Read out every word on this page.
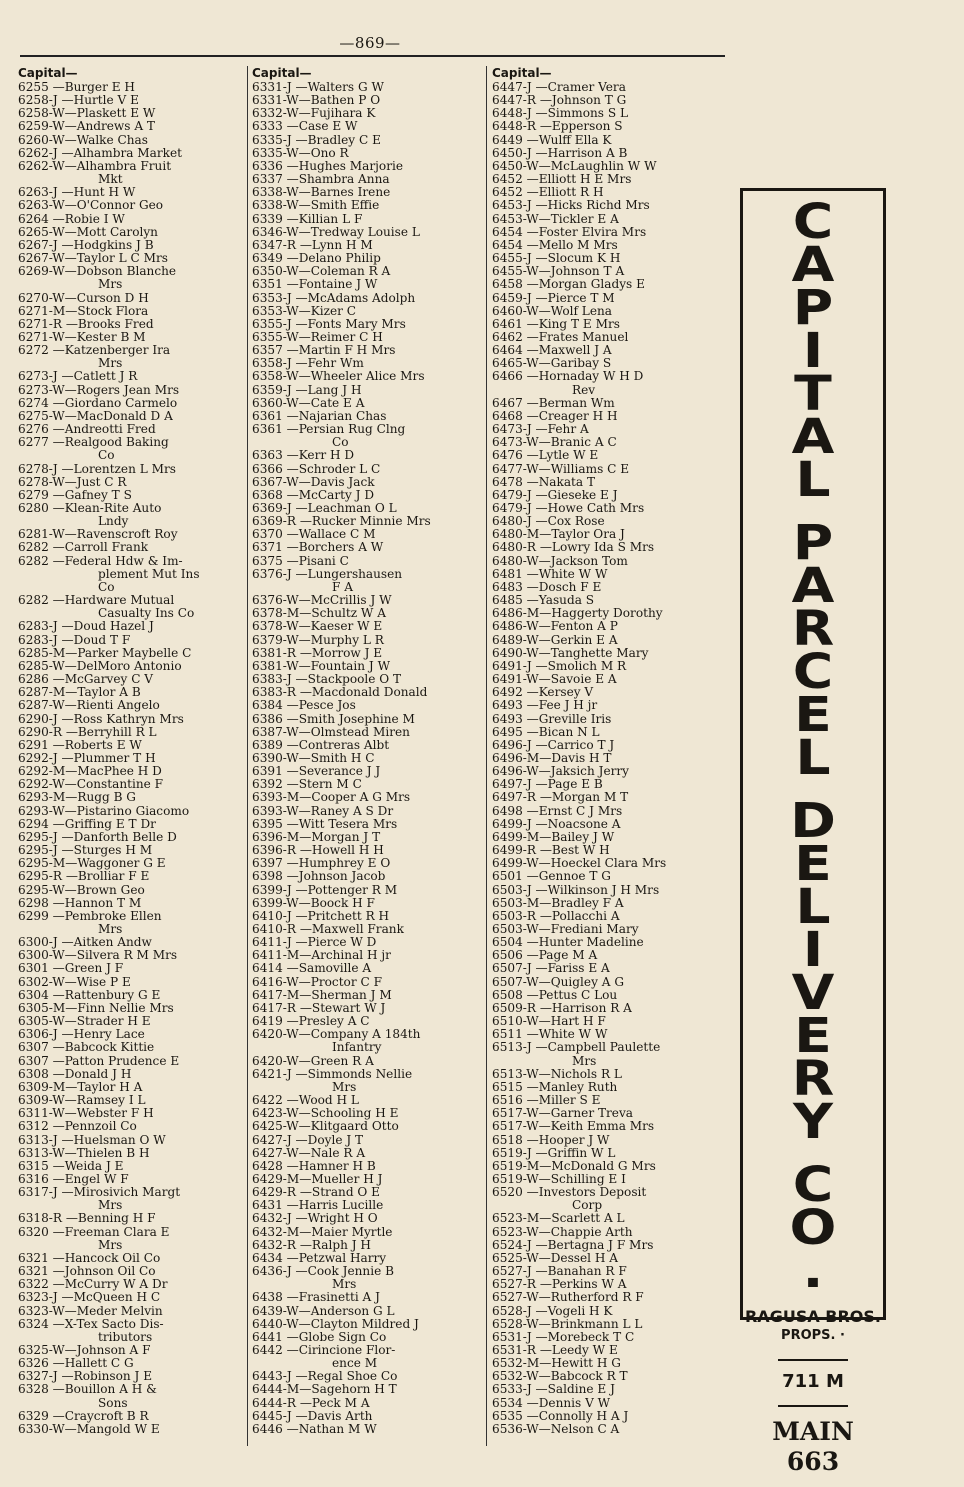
—869—
Capital—
6255 —Burger E H
6258-J —Hurtle V E
6258-W—Plaskett E W
6259-W—Andrews A T
6260-W—Walke Chas
6262-J —Alhambra Market
6262-W—Alhambra Fruit
Mkt
6263-J —Hunt H W
6263-W—O'Connor Geo
6264 —Robie I W
6265-W—Mott Carolyn
6267-J —Hodgkins J B
6267-W—Taylor L C Mrs
6269-W—Dobson Blanche
Mrs
6270-W—Curson D H
6271-M—Stock Flora
6271-R —Brooks Fred
6271-W—Kester B M
6272 —Katzenberger Ira
Mrs
6273-J —Catlett J R
6273-W—Rogers Jean Mrs
6274 —Giordano Carmelo
6275-W—MacDonald D A
6276 —Andreotti Fred
6277 —Realgood Baking
Co
6278-J —Lorentzen L Mrs
6278-W—Just C R
6279 —Gafney T S
6280 —Klean-Rite Auto
Lndy
6281-W—Ravenscroft Roy
6282 —Carroll Frank
6282 —Federal Hdw & Im-
plement Mut Ins
Co
6282 —Hardware Mutual
Casualty Ins Co
6283-J —Doud Hazel J
6283-J —Doud T F
6285-M—Parker Maybelle C
6285-W—DelMoro Antonio
6286 —McGarvey C V
6287-M—Taylor A B
6287-W—Rienti Angelo
6290-J —Ross Kathryn Mrs
6290-R —Berryhill R L
6291 —Roberts E W
6292-J —Plummer T H
6292-M—MacPhee H D
6292-W—Constantine F
6293-M—Rugg B G
6293-W—Pistarino Giacomo
6294 —Griffing E T Dr
6295-J —Danforth Belle D
6295-J —Sturges H M
6295-M—Waggoner G E
6295-R —Brolliar F E
6295-W—Brown Geo
6298 —Hannon T M
6299 —Pembroke Ellen
Mrs
6300-J —Aitken Andw
6300-W—Silvera R M Mrs
6301 —Green J F
6302-W—Wise P E
6304 —Rattenbury G E
6305-M—Finn Nellie Mrs
6305-W—Strader H E
6306-J —Henry Lace
6307 —Babcock Kittie
6307 —Patton Prudence E
6308 —Donald J H
6309-M—Taylor H A
6309-W—Ramsey I L
6311-W—Webster F H
6312 —Pennzoil Co
6313-J —Huelsman O W
6313-W—Thielen B H
6315 —Weida J E
6316 —Engel W F
6317-J —Mirosivich Margt
Mrs
6318-R —Benning H F
6320 —Freeman Clara E
Mrs
6321 —Hancock Oil Co
6321 —Johnson Oil Co
6322 —McCurry W A Dr
6323-J —McQueen H C
6323-W—Meder Melvin
6324 —X-Tex Sacto Dis-
tributors
6325-W—Johnson A F
6326 —Hallett C G
6327-J —Robinson J E
6328 —Bouillon A H &
Sons
6329 —Craycroft B R
6330-W—Mangold W E
Capital—
6331-J —Walters G W
6331-W—Bathen P O
6332-W—Fujihara K
6333 —Case E W
6335-J —Bradley C E
6335-W—Ono R
6336 —Hughes Marjorie
6337 —Shambra Anna
6338-W—Barnes Irene
6338-W—Smith Effie
6339 —Killian L F
6346-W—Tredway Louise L
6347-R —Lynn H M
6349 —Delano Philip
6350-W—Coleman R A
6351 —Fontaine J W
6353-J —McAdams Adolph
6353-W—Kizer C
6355-J —Fonts Mary Mrs
6355-W—Reimer C H
6357 —Martin F H Mrs
6358-J —Fehr Wm
6358-W—Wheeler Alice Mrs
6359-J —Lang J H
6360-W—Cate E A
6361 —Najarian Chas
6361 —Persian Rug Clng
Co
6363 —Kerr H D
6366 —Schroder L C
6367-W—Davis Jack
6368 —McCarty J D
6369-J —Leachman O L
6369-R —Rucker Minnie Mrs
6370 —Wallace C M
6371 —Borchers A W
6375 —Pisani C
6376-J —Lungershausen
F A
6376-W—McCrillis J W
6378-M—Schultz W A
6378-W—Kaeser W E
6379-W—Murphy L R
6381-R —Morrow J E
6381-W—Fountain J W
6383-J —Stackpoole O T
6383-R —Macdonald Donald
6384 —Pesce Jos
6386 —Smith Josephine M
6387-W—Olmstead Miren
6389 —Contreras Albt
6390-W—Smith H C
6391 —Severance J J
6392 —Stern M C
6393-M—Cooper A G Mrs
6393-W—Raney A S Dr
6395 —Witt Tesera Mrs
6396-M—Morgan J T
6396-R —Howell H H
6397 —Humphrey E O
6398 —Johnson Jacob
6399-J —Pottenger R M
6399-W—Boock H F
6410-J —Pritchett R H
6410-R —Maxwell Frank
6411-J —Pierce W D
6411-M—Archinal H jr
6414 —Samoville A
6416-W—Proctor C F
6417-M—Sherman J M
6417-R —Stewart W J
6419 —Presley A C
6420-W—Company A 184th
Infantry
6420-W—Green R A
6421-J —Simmonds Nellie
Mrs
6422 —Wood H L
6423-W—Schooling H E
6425-W—Klitgaard Otto
6427-J —Doyle J T
6427-W—Nale R A
6428 —Hamner H B
6429-M—Mueller H J
6429-R —Strand O E
6431 —Harris Lucille
6432-J —Wright H O
6432-M—Maier Myrtle
6432-R —Ralph J H
6434 —Petzwal Harry
6436-J —Cook Jennie B
Mrs
6438 —Frasinetti A J
6439-W—Anderson G L
6440-W—Clayton Mildred J
6441 —Globe Sign Co
6442 —Cirincione Flor-
ence M
6443-J —Regal Shoe Co
6444-M—Sagehorn H T
6444-R —Peck M A
6445-J —Davis Arth
6446 —Nathan M W
Capital—
6447-J —Cramer Vera
6447-R —Johnson T G
6448-J —Simmons S L
6448-R —Epperson S
6449 —Wulff Ella K
6450-J —Harrison A B
6450-W—McLaughlin W W
6452 —Elliott H E Mrs
6452 —Elliott R H
6453-J —Hicks Richd Mrs
6453-W—Tickler E A
6454 —Foster Elvira Mrs
6454 —Mello M Mrs
6455-J —Slocum K H
6455-W—Johnson T A
6458 —Morgan Gladys E
6459-J —Pierce T M
6460-W—Wolf Lena
6461 —King T E Mrs
6462 —Frates Manuel
6464 —Maxwell J A
6465-W—Garibay S
6466 —Hornaday W H D
Rev
6467 —Berman Wm
6468 —Creager H H
6473-J —Fehr A
6473-W—Branic A C
6476 —Lytle W E
6477-W—Williams C E
6478 —Nakata T
6479-J —Gieseke E J
6479-J —Howe Cath Mrs
6480-J —Cox Rose
6480-M—Taylor Ora J
6480-R —Lowry Ida S Mrs
6480-W—Jackson Tom
6481 —White W W
6483 —Dosch F E
6485 —Yasuda S
6486-M—Haggerty Dorothy
6486-W—Fenton A P
6489-W—Gerkin E A
6490-W—Tanghette Mary
6491-J —Smolich M R
6491-W—Savoie E A
6492 —Kersey V
6493 —Fee J H jr
6493 —Greville Iris
6495 —Bican N L
6496-J —Carrico T J
6496-M—Davis H T
6496-W—Jaksich Jerry
6497-J —Page E B
6497-R —Morgan M T
6498 —Ernst C J Mrs
6499-J —Noacsone A
6499-M—Bailey J W
6499-R —Best W H
6499-W—Hoeckel Clara Mrs
6501 —Gennoe T G
6503-J —Wilkinson J H Mrs
6503-M—Bradley F A
6503-R —Pollacchi A
6503-W—Frediani Mary
6504 —Hunter Madeline
6506 —Page M A
6507-J —Fariss E A
6507-W—Quigley A G
6508 —Pettus C Lou
6509-R —Harrison R A
6510-W—Hart H F
6511 —White W W
6513-J —Campbell Paulette
Mrs
6513-W—Nichols R L
6515 —Manley Ruth
6516 —Miller S E
6517-W—Garner Treva
6517-W—Keith Emma Mrs
6518 —Hooper J W
6519-J —Griffin W L
6519-M—McDonald G Mrs
6519-W—Schilling E I
6520 —Investors Deposit
Corp
6523-M—Scarlett A L
6523-W—Chappie Arth
6524-J —Bertagna J F Mrs
6525-W—Dessel H A
6527-J —Banahan R F
6527-R —Perkins W A
6527-W—Rutherford R F
6528-J —Vogeli H K
6528-W—Brinkmann L L
6531-J —Morebeck T C
6531-R —Leedy W E
6532-M—Hewitt H G
6532-W—Babcock R T
6533-J —Saldine E J
6534 —Dennis V W
6535 —Connolly H A J
6536-W—Nelson C A
C
A
P
I
T
A
L
P
A
R
C
E
L
D
E
L
I
V
E
R
Y
C
O
.
RAGUSA BROS.
PROPS. ·
711 M
MAIN 663
